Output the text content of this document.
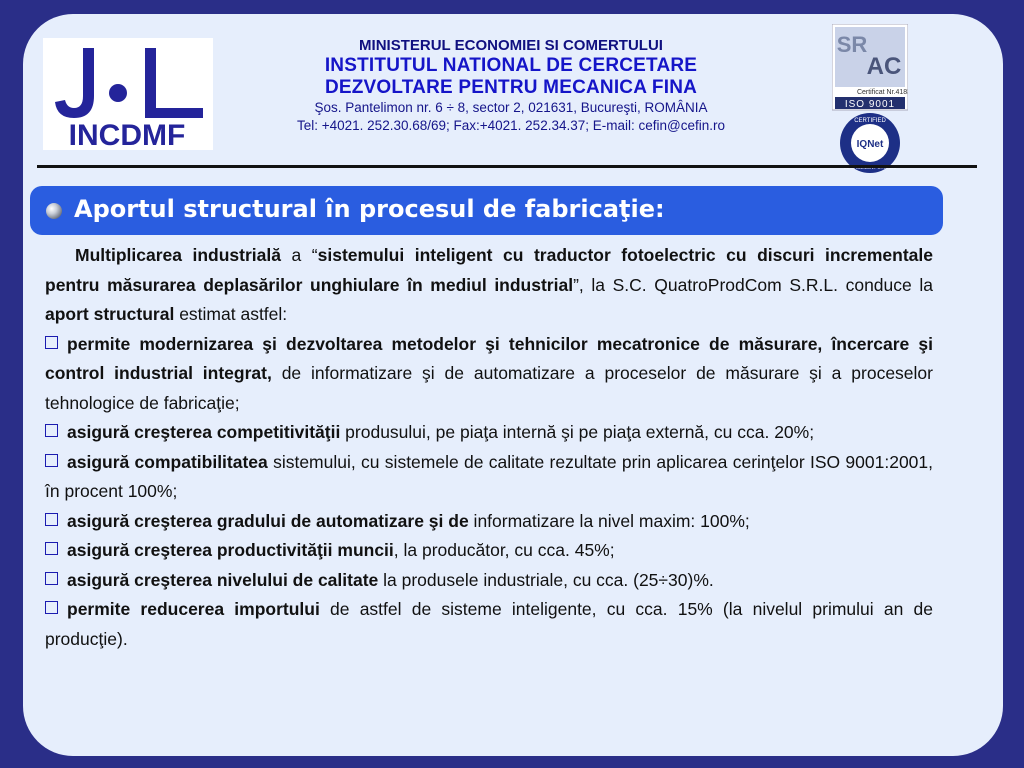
INCDMF
MINISTERUL ECONOMIEI SI COMERTULUI
INSTITUTUL NATIONAL DE CERCETARE
DEZVOLTARE PENTRU MECANICA FINA
Şos. Pantelimon nr. 6 ÷ 8, sector 2, 021631, Bucureşti, ROMÂNIA
Tel: +4021. 252.30.68/69; Fax:+4021. 252.34.37; E-mail: cefin@cefin.ro
SR
AC
Certificat Nr.4183
ISO 9001
IQNet
CERTIFIED
Aportul structural în procesul de fabricaţie:

Multiplicarea industrială a “sistemului inteligent cu traductor fotoelectric cu discuri incrementale pentru măsurarea deplasărilor unghiulare în mediul industrial”, la S.C. QuatroProdCom S.R.L. conduce la aport structural estimat astfel:

permite modernizarea şi dezvoltarea metodelor şi tehnicilor mecatronice de măsurare, încercare şi control industrial integrat, de informatizare şi de automatizare a proceselor de măsurare şi a proceselor tehnologice de fabricaţie;

asigură creşterea competitivităţii produsului, pe piaţa internă şi pe piaţa externă, cu cca. 20%;

asigură compatibilitatea sistemului, cu sistemele de calitate rezultate prin aplicarea cerinţelor ISO 9001:2001, în procent 100%;

asigură creşterea gradului de automatizare şi de informatizare la nivel maxim: 100%;

asigură creşterea productivităţii muncii, la producător, cu cca. 45%;

asigură creşterea nivelului de calitate la produsele industriale, cu cca. (25÷30)%.

permite reducerea importului de astfel de sisteme inteligente, cu cca. 15% (la nivelul primului an de producţie).
